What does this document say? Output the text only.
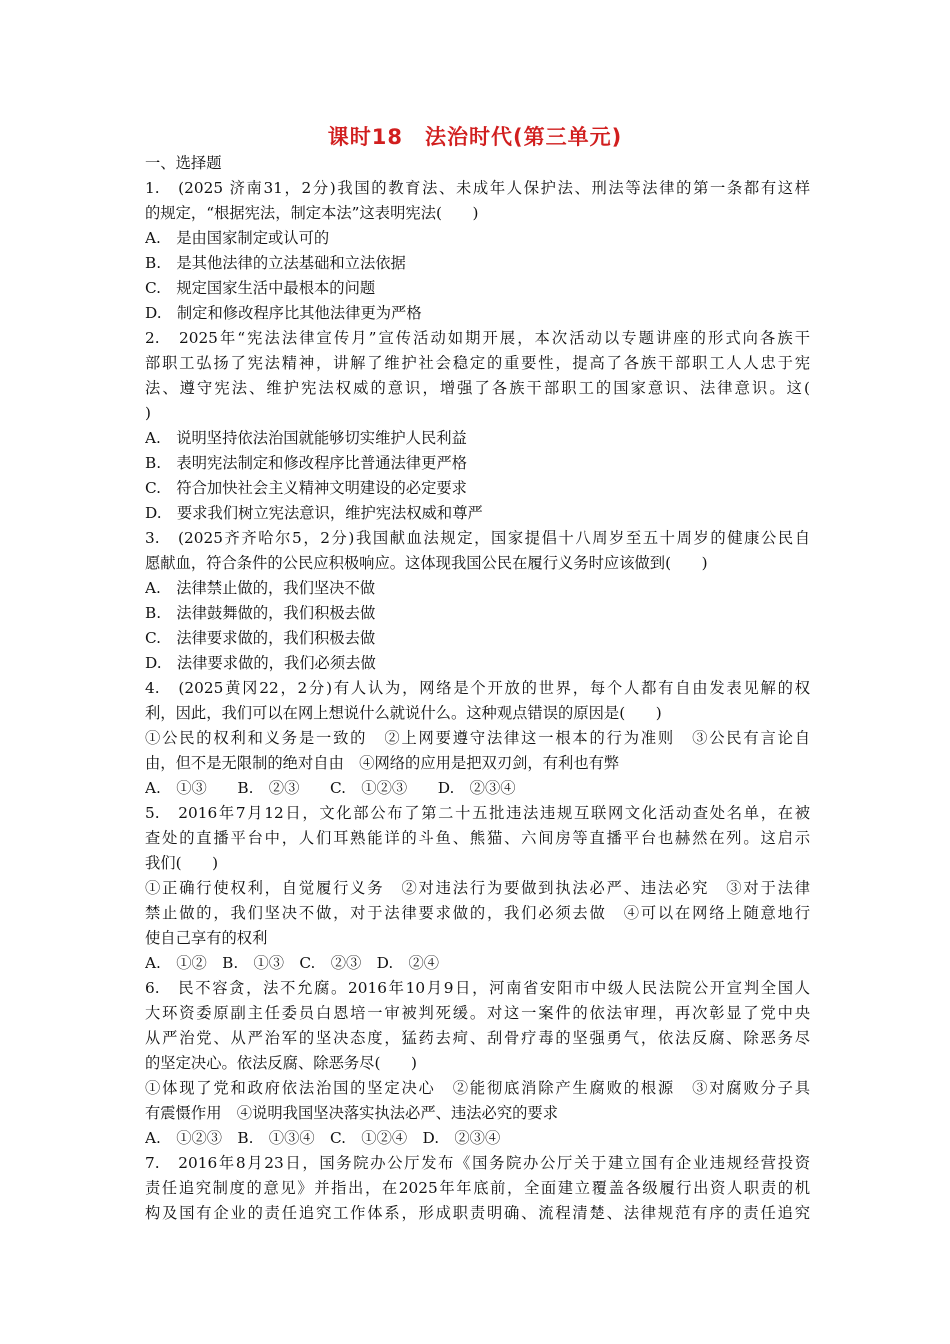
课时18　法治时代(第三单元)
一、选择题
1.　(2025 济南31，2分)我国的教育法、未成年人保护法、刑法等法律的第一条都有这样
的规定，“根据宪法，制定本法”这表明宪法(　　)
A.　是由国家制定或认可的
B.　是其他法律的立法基础和立法依据
C.　规定国家生活中最根本的问题
D.　制定和修改程序比其他法律更为严格
2.　2025年“宪法法律宣传月”宣传活动如期开展，本次活动以专题讲座的形式向各族干
部职工弘扬了宪法精神，讲解了维护社会稳定的重要性，提高了各族干部职工人人忠于宪
法、遵守宪法、维护宪法权威的意识，增强了各族干部职工的国家意识、法律意识。这(
)
A.　说明坚持依法治国就能够切实维护人民利益
B.　表明宪法制定和修改程序比普通法律更严格
C.　符合加快社会主义精神文明建设的必定要求
D.　要求我们树立宪法意识，维护宪法权威和尊严
3.　(2025齐齐哈尔5，2分)我国献血法规定，国家提倡十八周岁至五十周岁的健康公民自
愿献血，符合条件的公民应积极响应。这体现我国公民在履行义务时应该做到(　　)
A.　法律禁止做的，我们坚决不做
B.　法律鼓舞做的，我们积极去做
C.　法律要求做的，我们积极去做
D.　法律要求做的，我们必须去做
4.　(2025黄冈22，2分)有人认为，网络是个开放的世界，每个人都有自由发表见解的权
利，因此，我们可以在网上想说什么就说什么。这种观点错误的原因是(　　)
①公民的权利和义务是一致的　②上网要遵守法律这一根本的行为准则　③公民有言论自
由，但不是无限制的绝对自由　④网络的应用是把双刃剑，有利也有弊
A.　①③　　B.　②③　　C.　①②③　　D.　②③④
5.　2016年7月12日，文化部公布了第二十五批违法违规互联网文化活动查处名单，在被
查处的直播平台中，人们耳熟能详的斗鱼、熊猫、六间房等直播平台也赫然在列。这启示
我们(　　)
①正确行使权利，自觉履行义务　②对违法行为要做到执法必严、违法必究　③对于法律
禁止做的，我们坚决不做，对于法律要求做的，我们必须去做　④可以在网络上随意地行
使自己享有的权利
A.　①②　B.　①③　C.　②③　D.　②④
6.　民不容贪，法不允腐。2016年10月9日，河南省安阳市中级人民法院公开宣判全国人
大环资委原副主任委员白恩培一审被判死缓。对这一案件的依法审理，再次彰显了党中央
从严治党、从严治军的坚决态度，猛药去疴、刮骨疗毒的坚强勇气，依法反腐、除恶务尽
的坚定决心。依法反腐、除恶务尽(　　)
①体现了党和政府依法治国的坚定决心　②能彻底消除产生腐败的根源　③对腐败分子具
有震慑作用　④说明我国坚决落实执法必严、违法必究的要求
A.　①②③　B.　①③④　C.　①②④　D.　②③④
7.　2016年8月23日，国务院办公厅发布《国务院办公厅关于建立国有企业违规经营投资
责任追究制度的意见》并指出，在2025年年底前，全面建立覆盖各级履行出资人职责的机
构及国有企业的责任追究工作体系，形成职责明确、流程清楚、法律规范有序的责任追究
